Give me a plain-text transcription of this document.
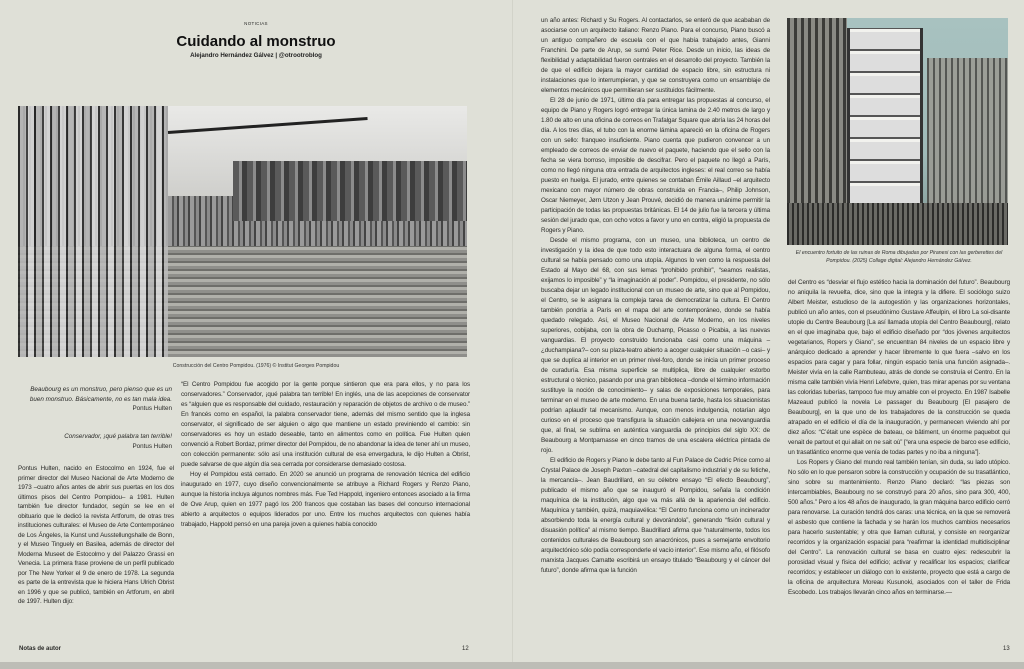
NOTICIAS
Cuidando al monstruo
Alejandro Hernández Gálvez | @otrootroblog
Construcción del Centro Pompidou. (1976) © Institut Georges Pompidou
Beaubourg es un monstruo, pero pienso que es un buen monstruo. Básicamente, no es tan mala idea.
Pontus Hulten
Conservador, ¡qué palabra tan terrible!
Pontus Hulten

Pontus Hulten, nacido en Estocolmo en 1924, fue el primer director del Museo Nacional de Arte Moderno de 1973 –cuatro años antes de abrir sus puertas en los dos últimos pisos del Centro Pompidou– a 1981. Hulten también fue director fundador, según se lee en el obituario que le dedicó la revista Artforum, de otras tres instituciones culturales: el Museo de Arte Contemporáneo de Los Ángeles, la Kunst und Ausstellungshalle de Bonn, y el Museo Tinguely en Basilea, además de director del Moderna Museet de Estocolmo y del Palazzo Grassi en Venecia. La primera frase proviene de un perfil publicado por The New Yorker el 9 de enero de 1978. La segunda es parte de la entrevista que le hiciera Hans Ulrich Obrist en 1996 y que se publicó, también en Artforum, en abril de 1997. Hulten dijo:

Notas de autor

“El Centro Pompidou fue acogido por la gente porque sintieron que era para ellos, y no para los conservadores.” Conservador, ¡qué palabra tan terrible! En inglés, una de las acepciones de conservator es “alguien que es responsable del cuidado, restauración y reparación de objetos de archivo o de museo.” En francés como en español, la palabra conservador tiene, además del mismo sentido que la inglesa conservator, el significado de ser alguien o algo que mantiene un estado previniendo el cambio: sin conservadores es hoy un estado deseable, tanto en alimentos como en política. Fue Hulten quien convenció a Robert Bordaz, primer director del Pompidou, de no abandonar la idea de tener ahí un museo, con colección permanente: sólo así una institución cultural de esa envergadura, le dijo Hulten a Obrist, puede salvarse de que algún día sea cerrada por considerarse demasiado costosa.

Hoy el Pompidou está cerrado. En 2020 se anunció un programa de renovación técnica del edificio inaugurado en 1977, cuyo diseño convencionalmente se atribuye a Richard Rogers y Renzo Piano, aunque la historia incluya algunos nombres más. Fue Ted Happold, ingeniero entonces asociado a la firma de Ove Arup, quien en 1977 pagó los 200 francos que costaban las bases del concurso internacional abierto a arquitectos o equipos liderados por uno. Entre los muchos arquitectos con quienes había trabajado, Happold pensó en una pareja joven a quienes había conocido

12

un año antes: Richard y Su Rogers. Al contactarlos, se enteró de que acababan de asociarse con un arquitecto italiano: Renzo Piano. Para el concurso, Piano buscó a un antiguo compañero de escuela con el que había trabajado antes, Gianni Franchini. De parte de Arup, se sumó Peter Rice. Desde un inicio, las ideas de flexibilidad y adaptabilidad fueron centrales en el desarrollo del proyecto. También la de que el edificio dejara la mayor cantidad de espacio libre, sin estructura ni instalaciones que lo interrumpieran, y que se construyera como un ensamblaje de elementos mecánicos que permitieran ser sustituidos fácilmente.

El 28 de junio de 1971, último día para entregar las propuestas al concurso, el equipo de Piano y Rogers logró entregar la única lamina de 2.40 metros de largo y 1.80 de alto en una oficina de correos en Trafalgar Square que abría las 24 horas del día. A los tres días, el tubo con la enorme lámina apareció en la oficina de Rogers con un sello: franqueo insuficiente. Piano cuenta que pudieron convencer a un empleado de correos de enviar de nuevo el paquete, haciendo que el sello con la fecha se viera borroso, imposible de descifrar. Pero el paquete no llegó a París, como no llegó ninguna otra entrada de arquitectos ingleses: el real correo se había puesto en huelga. El jurado, entre quienes se contaban Émile Aillaud –el arquitecto mexicano con mayor número de obras construida en Francia–, Philip Johnson, Oscar Niemeyer, Jørn Utzon y Jean Prouvé, decidió de manera unánime permitir la participación de todas las propuestas británicas. El 14 de julio fue la tercera y última sesión del jurado que, con ocho votos a favor y uno en contra, eligió la propuesta de Rogers y Piano.

Desde el mismo programa, con un museo, una biblioteca, un centro de investigación y la idea de que todo esto interactuara de alguna forma, el centro cultural se había pensado como una utopía. Algunos lo ven como la respuesta del Estado al Mayo del 68, con sus lemas “prohibido prohibir”, “seamos realistas, exijamos lo imposible” y “la imaginación al poder”. Pompidou, el presidente, no sólo buscaba dejar un legado institucional con un museo de arte, sino que al Pompidou, el Centro, se le asignara la compleja tarea de democratizar la cultura. El Centro también pondría a París en el mapa del arte contemporáneo, donde se había quedado relegado. Así, el Museo Nacional de Arte Moderno, en los niveles superiores, cobijaba, con la obra de Duchamp, Picasso o Picabia, a las nuevas vanguardias. El proyecto construido funcionaba casi como una máquina –¿duchampiana?– con su plaza-teatro abierto a acoger cualquier situación –o casi– y que se duplica al interior en un primer nivel-foro, donde se inicia un primer proceso de curaduría. Esa misma superficie se multiplica, libre de cualquier estorbo estructural o técnico, pasando por una gran biblioteca –donde el término información sustituye la noción de conocimiento– y salas de exposiciones temporales, para terminar en el museo de arte moderno. En una buena tarde, hasta los situacionistas podrían aplaudir tal mecanismo. Aunque, con menos indulgencia, notarían algo curioso en el proceso que transfigura la situación callejera en una neovanguardia que, al final, se sublima en auténtica vanguardia de principios del siglo XX: de Beaubourg a Montparnasse en cinco tramos de una escalera eléctrica pintada de rojo.

El edificio de Rogers y Piano le debe tanto al Fun Palace de Cedric Price como al Crystal Palace de Joseph Paxton –catedral del capitalismo industrial y de su fetiche, la mercancía–. Jean Baudrillard, en su célebre ensayo “El efecto Beaubourg”, publicado el mismo año que se inauguró el Pompidou, señala la condición maquínica de la institución, algo que va más allá de la apariencia del edificio. Maquínica y también, quizá, maquiavélica: “El Centro funciona como un incinerador absorbiendo toda la energía cultural y devorándola”, generando “fisión cultural y disuasión política” al mismo tiempo. Baudrillard afirma que “naturalmente, todos los contenidos culturales de Beaubourg son anacrónicos, pues a semejante envoltorio arquitectónico sólo podía corresponderle el vacío interior”. Ese mismo año, el filósofo marxista Jacques Camatte escribirá un ensayo titulado “Beaubourg y el cáncer del futuro”, donde afirma que la función

El encuentro fortuito de las ruinas de Roma dibujadas por Piranesi con las gerberettes del Pompidou. (2025) Collage digital: Alejandro Hernández Gálvez.

del Centro es “desviar el flujo estético hacia la dominación del futuro”. Beaubourg no aniquila la revuelta, dice, sino que la integra y la difiere. El sociólogo suizo Albert Meister, estudioso de la autogestión y las organizaciones horizontales, publicó un año antes, con el pseudónimo Gustave Affeulpin, el libro La soi-disante utopie du Centre Beaubourg [La así llamada utopía del Centro Beaubourg], relato en el que imaginaba que, bajo el edificio diseñado por “dos jóvenes arquitectos vegetarianos, Ropers y Giano”, se encuentran 84 niveles de un espacio libre y anárquico dedicado a aprender y hacer libremente lo que fuera –salvo en los espacios para cagar y para follar, ningún espacio tenía una función asignada–. Meister vivía en la calle Rambuteau, atrás de donde se construía el Centro. En la misma calle también vivía Henri Lefebvre, quien, tras mirar apenas por su ventana las coloridas tuberías, tampoco fue muy amable con el proyecto. En 1987 Isabelle Mazeaud publicó la novela Le passager du Beaubourg [El pasajero de Beaubourg], en la que uno de los trabajadores de la construcción se queda atrapado en el edificio el día de la inauguración, y permanecen viviendo ahí por diez años: “C’était une espèce de bateau, ce bâtiment, un énorme paquebot qui venait de partout et qui allait on ne sait où” [“era una especie de barco ese edificio, un trasatlántico enorme que venía de todas partes y no iba a ninguna”].

Los Ropers y Giano del mundo real también tenían, sin duda, su lado utópico. No sólo en lo que pensaron sobre la construcción y ocupación de su trasatlántico, sino sobre su mantenimiento. Renzo Piano declaró: “las piezas son intercambiables, Beaubourg no se construyó para 20 años, sino para 300, 400, 500 años.” Pero a los 48 años de inaugurado, la gran máquina barco edificio cerró para renovarse. La curación tendrá dos caras: una técnica, en la que se removerá el asbesto que contiene la fachada y se harán los muchos cambios necesarios para hacerlo sustentable; y otra que llaman cultural, y consiste en reorganizar recorridos y la organización espacial para “reafirmar la identidad multidisciplinar del Centro”. La renovación cultural se basa en cuatro ejes: redescubrir la porosidad visual y física del edificio; activar y recalificar los espacios; clarificar recorridos; y establecer un diálogo con lo existente, proyecto que está a cargo de la oficina de arquitectura Moreau Kusunoki, asociados con el taller de Frida Escobedo. Los trabajos llevarán cinco años en terminarse.—

13
